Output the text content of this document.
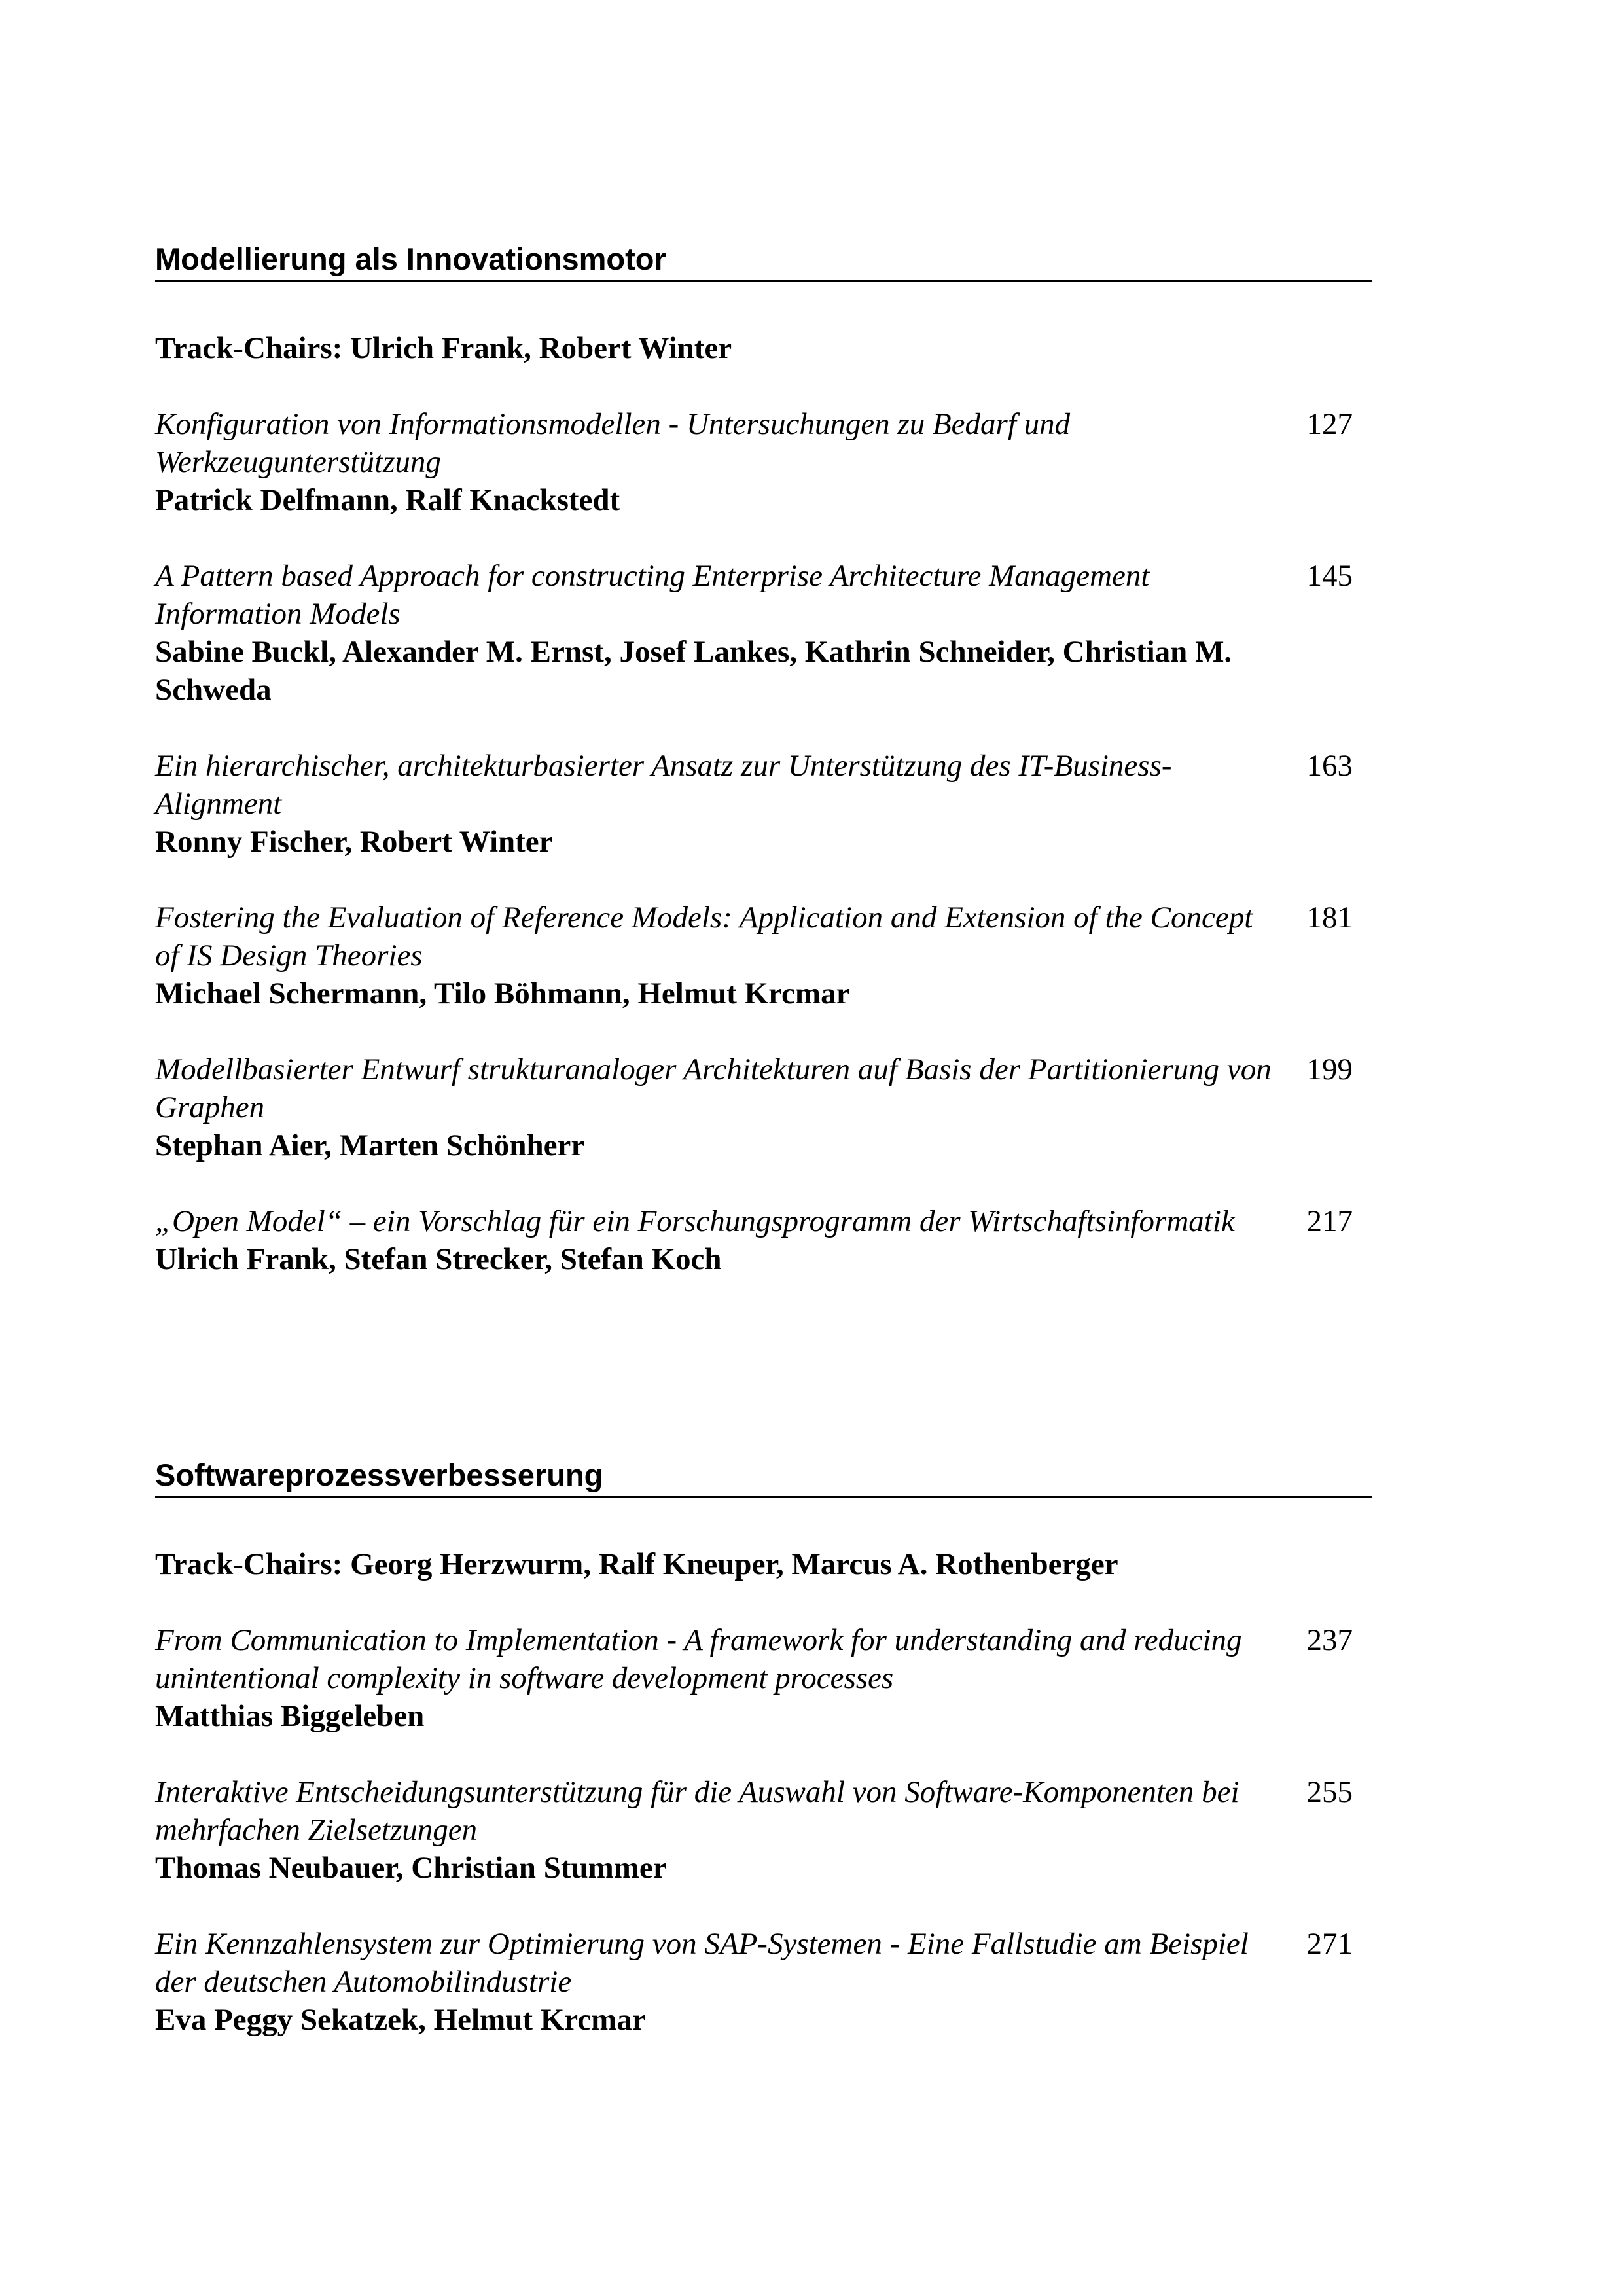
Modellierung als Innovationsmotor
Track-Chairs: Ulrich Frank, Robert Winter
Konfiguration von Informationsmodellen - Untersuchungen zu Bedarf und Werkzeugunterstützung
Patrick Delfmann, Ralf Knackstedt
127
A Pattern based Approach for constructing Enterprise Architecture Management Information Models
Sabine Buckl, Alexander M. Ernst, Josef Lankes, Kathrin Schneider, Christian M. Schweda
145
Ein hierarchischer, architekturbasierter Ansatz zur Unterstützung des IT-Business-Alignment
Ronny Fischer, Robert Winter
163
Fostering the Evaluation of Reference Models: Application and Extension of the Concept of IS Design Theories
Michael Schermann, Tilo Böhmann, Helmut Krcmar
181
Modellbasierter Entwurf strukturanaloger Architekturen auf Basis der Partitionierung von Graphen
Stephan Aier, Marten Schönherr
199
„Open Model“ – ein Vorschlag für ein Forschungsprogramm der Wirtschaftsinformatik
Ulrich Frank, Stefan Strecker, Stefan Koch
217
Softwareprozessverbesserung
Track-Chairs: Georg Herzwurm, Ralf Kneuper, Marcus A. Rothenberger
From Communication to Implementation - A framework for understanding and reducing unintentional complexity in software development processes
Matthias Biggeleben
237
Interaktive Entscheidungsunterstützung für die Auswahl von Software-Komponenten bei mehrfachen Zielsetzungen
Thomas Neubauer, Christian Stummer
255
Ein Kennzahlensystem zur Optimierung von SAP-Systemen - Eine Fallstudie am Beispiel der deutschen Automobilindustrie
Eva Peggy Sekatzek, Helmut Krcmar
271
